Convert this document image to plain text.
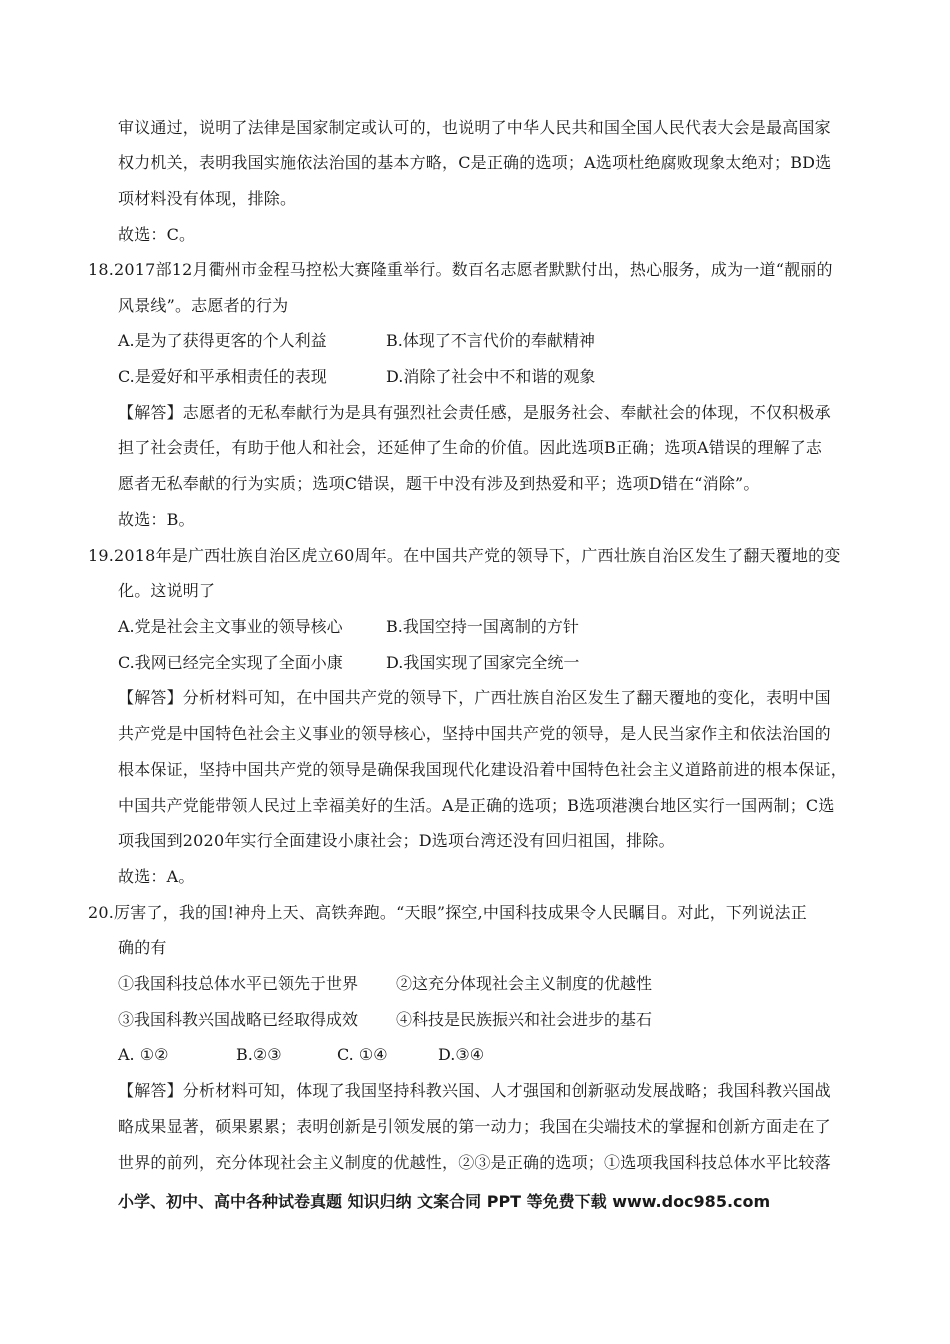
审议通过，说明了法律是国家制定或认可的，也说明了中华人民共和国全国人民代表大会是最高国家
权力机关，表明我国实施依法治国的基本方略，C是正确的选项；A选项杜绝腐败现象太绝对；BD选
项材料没有体现，排除。
故选：C。
18.2017部12月衢州市金程马控松大赛隆重举行。数百名志愿者默默付出，热心服务，成为一道“靓丽的
风景线”。志愿者的行为
A.是为了获得更客的个人利益	B.体现了不言代价的奉献精神
C.是爱好和平承相责任的表现	D.消除了社会中不和谐的观象
【解答】志愿者的无私奉献行为是具有强烈社会责任感，是服务社会、奉献社会的体现，不仅积极承
担了社会责任，有助于他人和社会，还延伸了生命的价值。因此选项B正确；选项A错误的理解了志
愿者无私奉献的行为实质；选项C错误，题干中没有涉及到热爱和平；选项D错在“消除”。
故选：B。
19.2018年是广西壮族自治区虎立60周年。在中国共产党的领导下，广西壮族自治区发生了翻天覆地的变
化。这说明了
A.党是社会主文事业的领导核心	B.我国空持一国离制的方针
C.我网已经完全实现了全面小康	D.我国实现了国家完全统一
【解答】分析材料可知，在中国共产党的领导下，广西壮族自治区发生了翻天覆地的变化，表明中国
共产党是中国特色社会主义事业的领导核心，坚持中国共产党的领导，是人民当家作主和依法治国的
根本保证，坚持中国共产党的领导是确保我国现代化建设沿着中国特色社会主义道路前进的根本保证，
中国共产党能带领人民过上幸福美好的生活。A是正确的选项；B选项港澳台地区实行一国两制；C选
项我国到2020年实行全面建设小康社会；D选项台湾还没有回归祖国，排除。
故选：A。
20.厉害了，我的国!神舟上天、高铁奔跑。“天眼”探空,中国科技成果令人民瞩目。对此，下列说法正
确的有
①我国科技总体水平已领先于世界 ②这充分体现社会主义制度的优越性
③我国科教兴国战略已经取得成效 ④科技是民族振兴和社会进步的基石
A. ①②	B.②③	C. ①④	D.③④
【解答】分析材料可知，体现了我国坚持科教兴国、人才强国和创新驱动发展战略；我国科教兴国战
略成果显著，硕果累累；表明创新是引领发展的第一动力；我国在尖端技术的掌握和创新方面走在了
世界的前列，充分体现社会主义制度的优越性，②③是正确的选项；①选项我国科技总体水平比较落
小学、初中、高中各种试卷真题 知识归纳 文案合同 PPT 等免费下载 www.doc985.com
